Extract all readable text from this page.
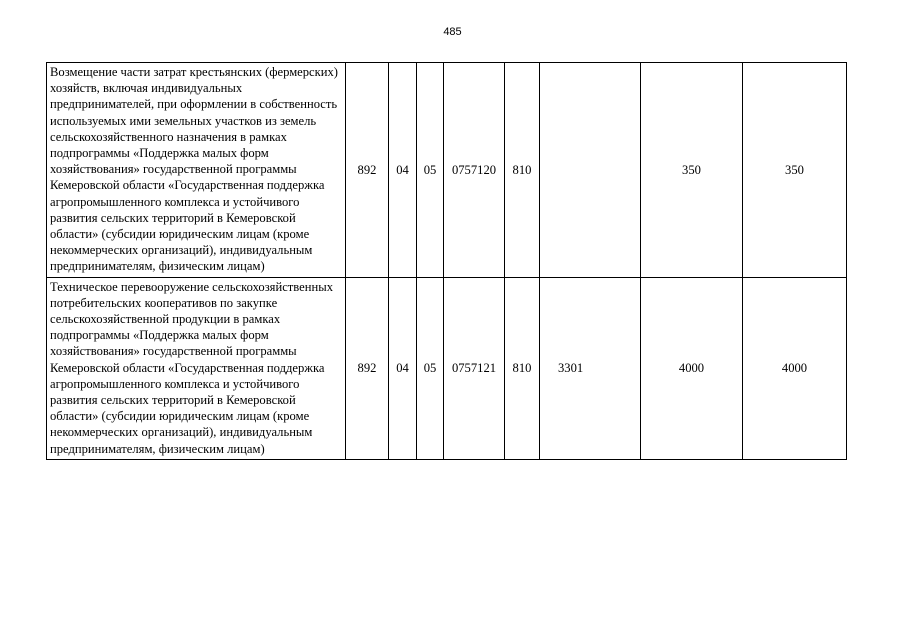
485
Возмещение части затрат крестьянских (фермерских) хозяйств, включая индивидуальных предпринимателей, при оформлении в собственность используемых ими земельных участков из земель сельскохозяйственного назначения в рамках подпрограммы «Поддержка малых форм хозяйствования» государственной программы Кемеровской области «Государственная поддержка агропромышленного комплекса и устойчивого развития сельских территорий в Кемеровской области» (субсидии юридическим лицам (кроме некоммерческих организаций), индивидуальным предпринимателям, физическим лицам)	892	04	05	0757120	810		350	350
Техническое перевооружение сельскохозяйственных потребительских кооперативов по закупке сельскохозяйственной продукции в рамках подпрограммы «Поддержка малых форм хозяйствования» государственной программы Кемеровской области «Государственная поддержка агропромышленного комплекса и устойчивого развития сельских территорий в Кемеровской области» (субсидии юридическим лицам (кроме некоммерческих организаций), индивидуальным предпринимателям, физическим лицам)	892	04	05	0757121	810	3301	4000	4000
